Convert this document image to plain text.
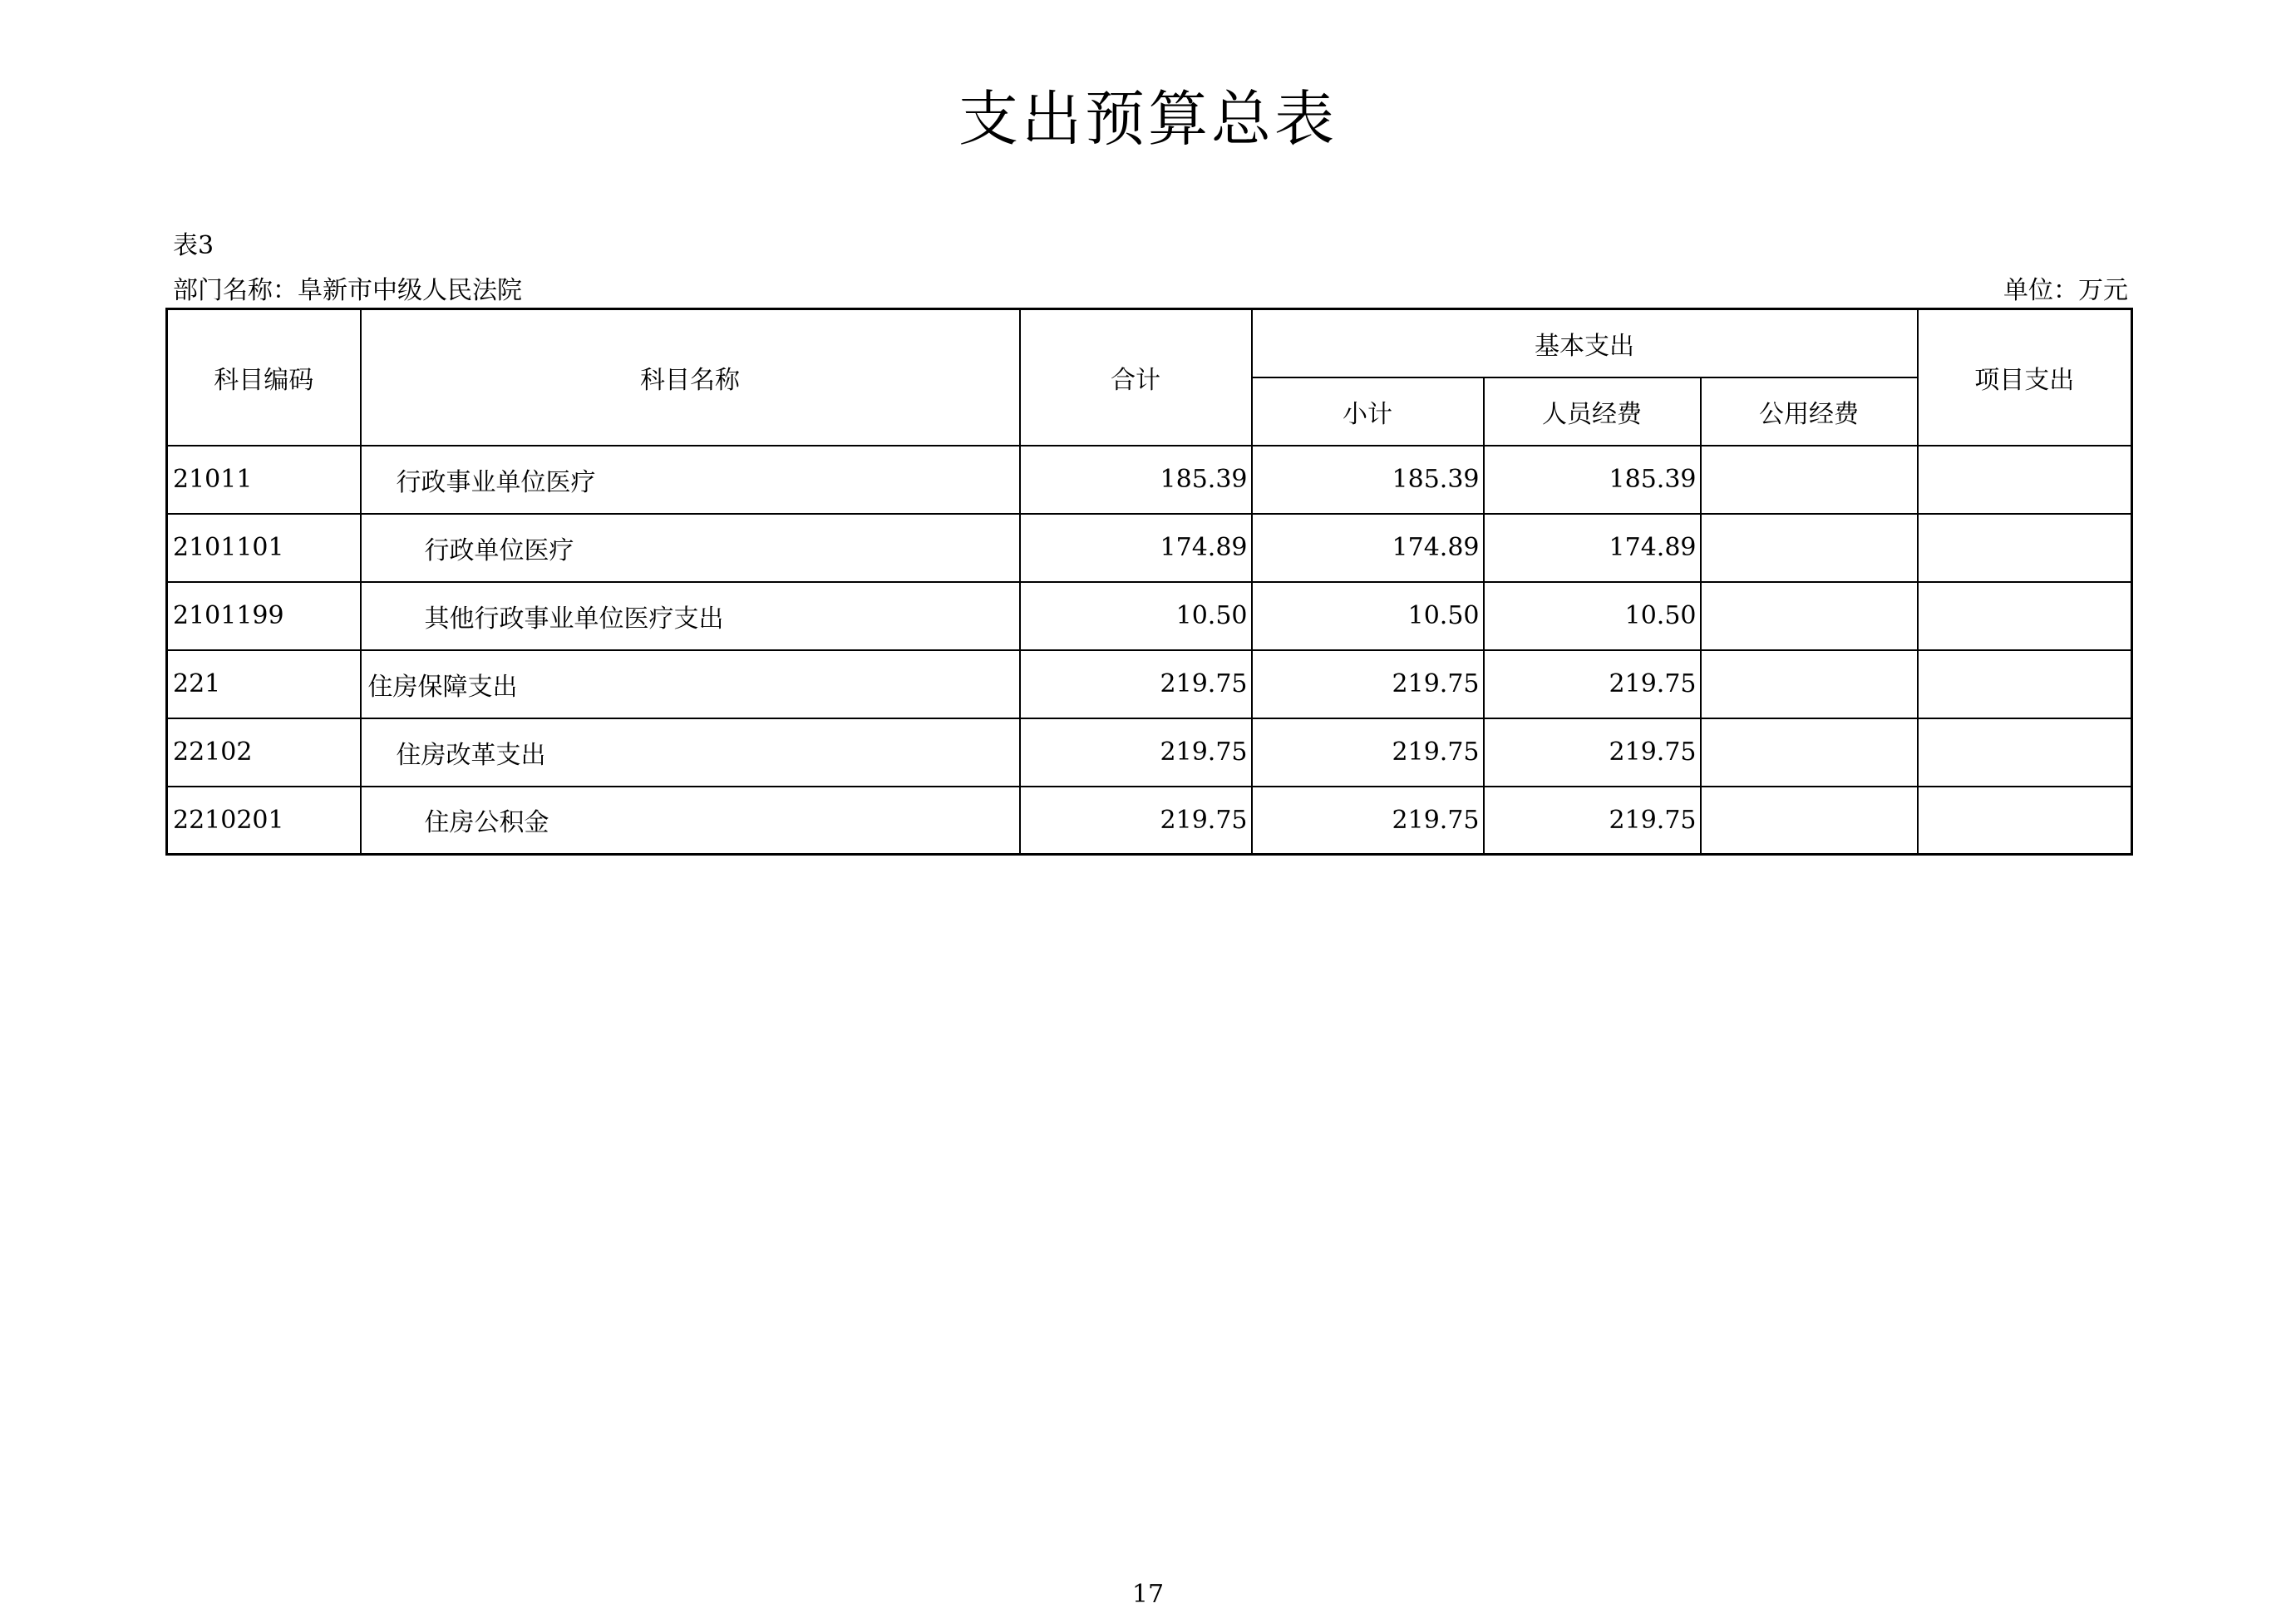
支出预算总表
表3
部门名称：阜新市中级人民法院	单位：万元
科目编码	科目名称	合计	基本支出			项目支出
			小计	人员经费	公用经费	
21011	行政事业单位医疗	185.39	185.39	185.39		
2101101	行政单位医疗	174.89	174.89	174.89		
2101199	其他行政事业单位医疗支出	10.50	10.50	10.50		
221	住房保障支出	219.75	219.75	219.75		
22102	住房改革支出	219.75	219.75	219.75		
2210201	住房公积金	219.75	219.75	219.75		
17
